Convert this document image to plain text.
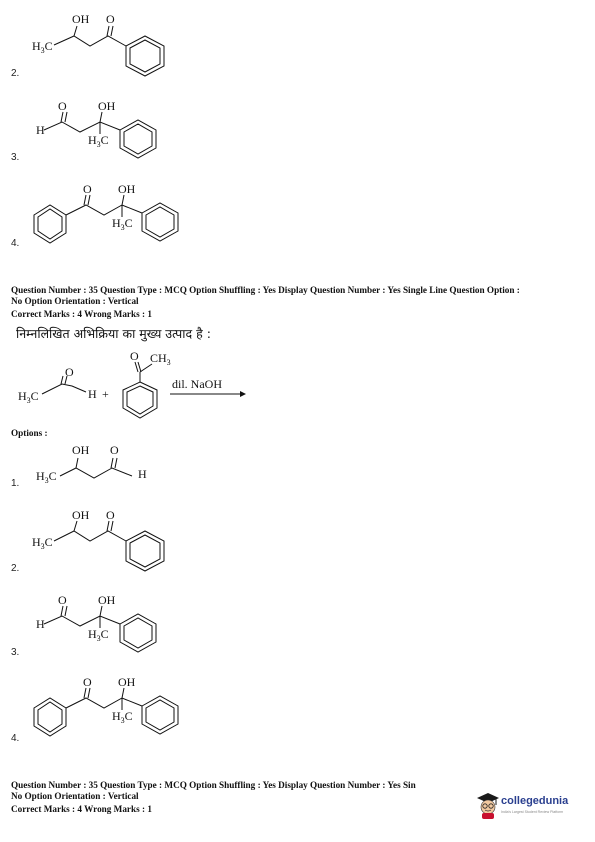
OH O
$H_3C$
2.
O	OH
H
$H_3C$
3.
O OH
$H_3C$
4.
Question Number : 35 Question Type : MCQ Option Shuffling : Yes Display Question Number : Yes Single Line Question Option :
No Option Orientation : Vertical
Correct Marks : 4 Wrong Marks : 1
निम्नलिखित अभिक्रिया का मुख्य उत्पाद है :
$H_3C$
O
H +
O $CH_3$
dil. NaOH
Options :
OH O
$H_3C$	H
1.
OH O
$H_3C$
2.
O	OH
H
$H_3C$
3.
O OH
$H_3C$
4.
Question Number : 35 Question Type : MCQ Option Shuffling : Yes Display Question Number : Yes Sin
No Option Orientation : Vertical
Correct Marks : 4 Wrong Marks : 1
collegedunia
India's Largest Student Review Platform
